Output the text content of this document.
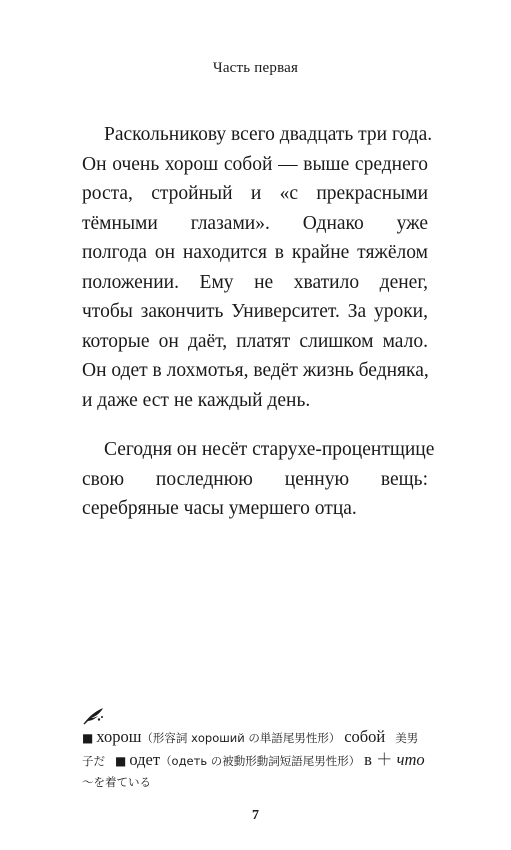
Часть первая
Раскольникову всего двадцать три года.
Он очень хорош собой — выше среднего
роста, стройный и «с прекрасными
тёмными глазами». Однако уже
полгода он находится в крайне тяжёлом
положении. Ему не хватило денег,
чтобы закончить Университет. За уроки,
которые он даёт, платят слишком мало.
Он одет в лохмотья, ведёт жизнь бедняка,
и даже ест не каждый день.
Сегодня он несёт старухе-процентщице
свою последнюю ценную вещь:
серебряные часы умершего отца.
■ хорош（形容詞 хороший の単語尾男性形） собой 美男
子だ ■ одет（одеть の被動形動詞短語尾男性形） в ＋ что
～を着ている
7
